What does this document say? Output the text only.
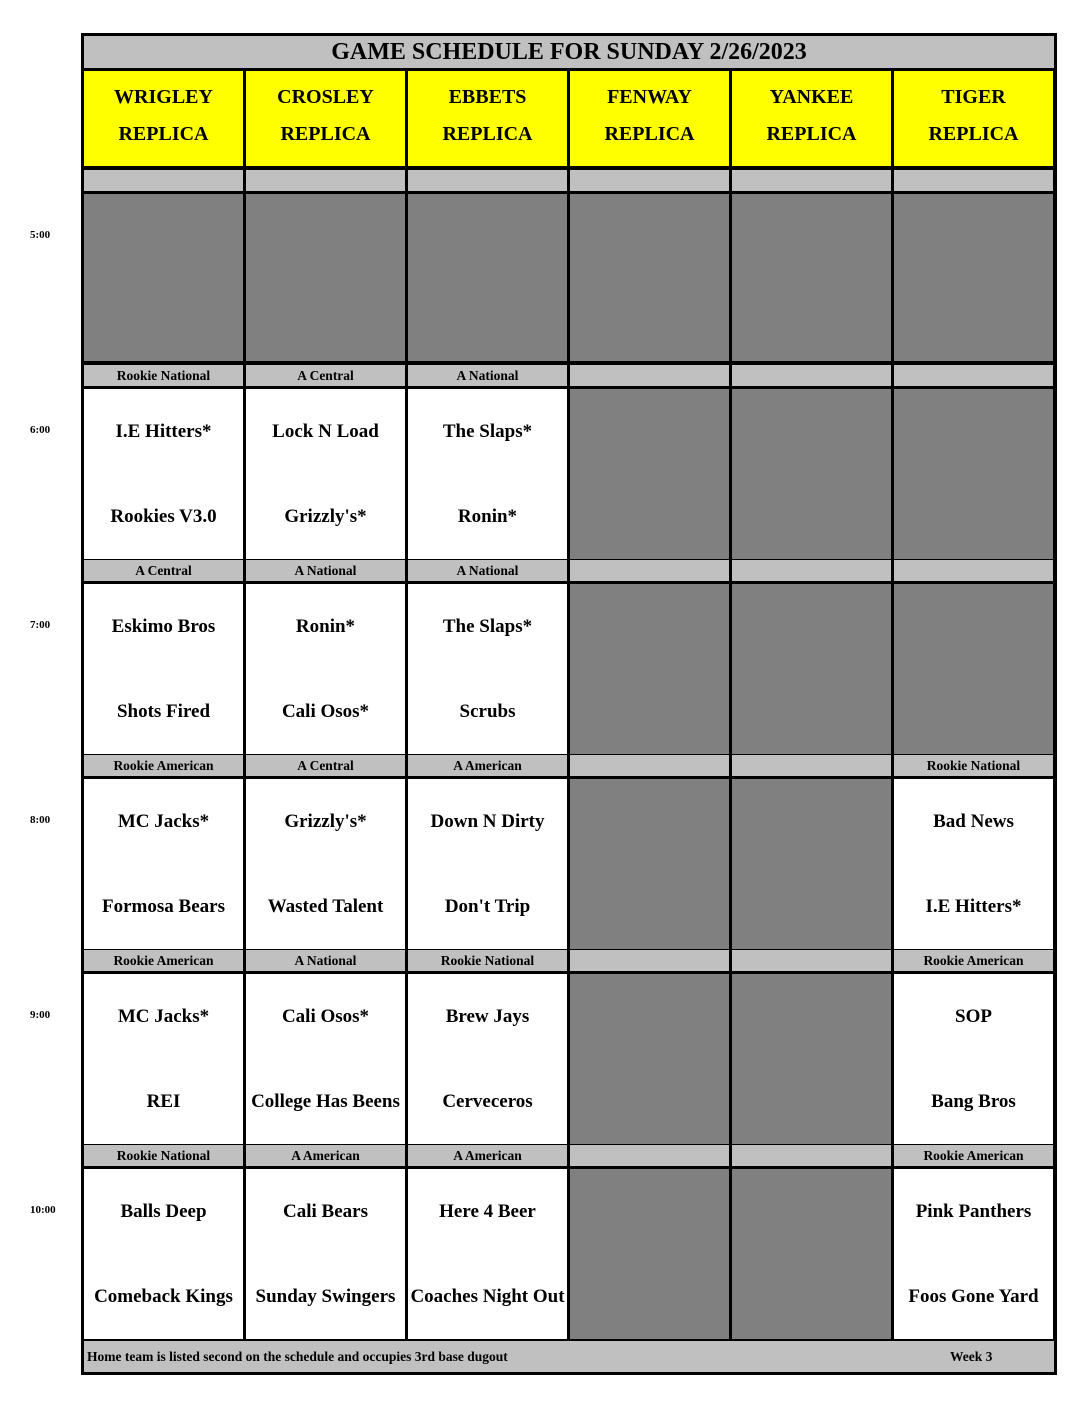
GAME SCHEDULE FOR SUNDAY 2/26/2023
WRIGLEY
REPLICA
CROSLEY
REPLICA
EBBETS
REPLICA
FENWAY
REPLICA
YANKEE
REPLICA
TIGER
REPLICA
5:00
6:00
Rookie National
I.E Hitters*
Rookies V3.0
A Central
Lock N Load
Grizzly's*
A National
The Slaps*
Ronin*
7:00
A Central
Eskimo Bros
Shots Fired
A National
Ronin*
Cali Osos*
A National
The Slaps*
Scrubs
8:00
Rookie American
MC Jacks*
Formosa Bears
A Central
Grizzly's*
Wasted Talent
A American
Down N Dirty
Don't Trip
Rookie National
Bad News
I.E Hitters*
9:00
Rookie American
MC Jacks*
REI
A National
Cali Osos*
College Has Beens
Rookie National
Brew Jays
Cerveceros
Rookie American
SOP
Bang Bros
10:00
Rookie National
Balls Deep
Comeback Kings
A American
Cali Bears
Sunday Swingers
A American
Here 4 Beer
Coaches Night Out
Rookie American
Pink Panthers
Foos Gone Yard
Home team is listed second on the schedule and occupies 3rd base dugout	Week 3
